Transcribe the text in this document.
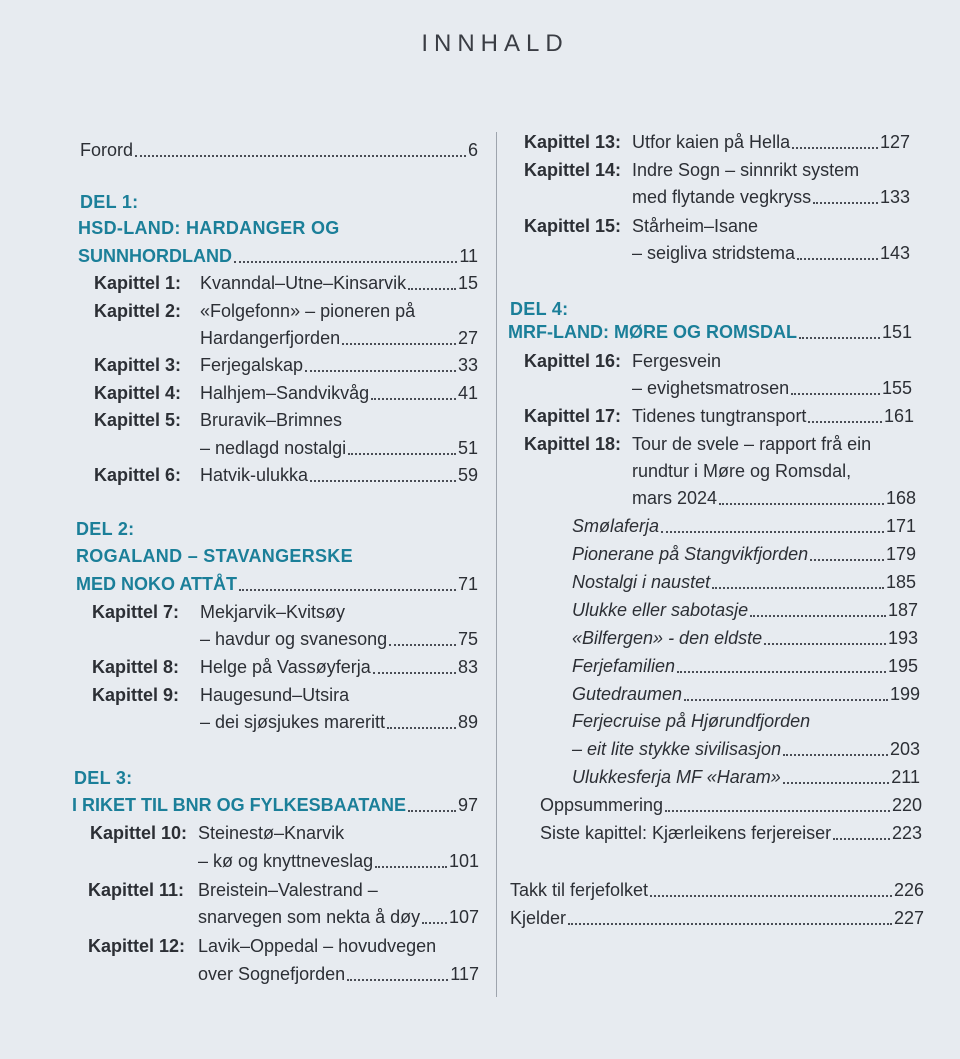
INNHALD
Forord	6
DEL 1:
HSD-LAND: HARDANGER OG
SUNNHORDLAND	11
Kapittel 1: Kvanndal–Utne–Kinsarvik	15
Kapittel 2: «Folgefonn» – pioneren på
Hardangerfjorden	27
Kapittel 3: Ferjegalskap	33
Kapittel 4: Halhjem–Sandvikvåg	41
Kapittel 5: Bruravik–Brimnes
– nedlagd nostalgi	51
Kapittel 6: Hatvik-ulukka	59
DEL 2:
ROGALAND – STAVANGERSKE
MED NOKO ATTÅT	71
Kapittel 7: Mekjarvik–Kvitsøy
– havdur og svanesong	75
Kapittel 8: Helge på Vassøyferja	83
Kapittel 9: Haugesund–Utsira
– dei sjøsjukes mareritt	89
DEL 3:
I RIKET TIL BNR OG FYLKESBAATANE	97
Kapittel 10: Steinestø–Knarvik
– kø og knyttneveslag	101
Kapittel 11: Breistein–Valestrand –
snarvegen som nekta å døy 107
Kapittel 12: Lavik–Oppedal – hovudvegen
over Sognefjorden	117
Kapittel 13: Utfor kaien på Hella	127
Kapittel 14: Indre Sogn – sinnrikt system
med flytande vegkryss	133
Kapittel 15: Stårheim–Isane
– seigliva stridstema	143
DEL 4:
MRF-LAND: MØRE OG ROMSDAL	151
Kapittel 16: Fergesvein
– evighetsmatrosen	155
Kapittel 17: Tidenes tungtransport	161
Kapittel 18: Tour de svele – rapport frå ein
rundtur i Møre og Romsdal,
mars 2024	168
Smølaferja	171
Pionerane på Stangvikfjorden	179
Nostalgi i naustet	185
Ulukke eller sabotasje	187
«Bilfergen» - den eldste	193
Ferjefamilien	195
Gutedraumen	199
Ferjecruise på Hjørundfjorden
– eit lite stykke sivilisasjon	203
Ulukkesferja MF «Haram»	211
Oppsummering	220
Siste kapittel: Kjærleikens ferjereiser	223
Takk til ferjefolket	226
Kjelder	227
